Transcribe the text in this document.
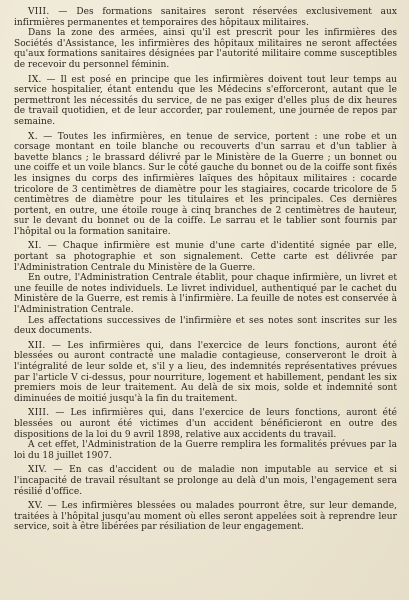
VIII. — Des formations sanitaires seront réservées exclusivement aux infirmières permanentes et temporaires des hôpitaux militaires.

Dans la zone des armées, ainsi qu'il est prescrit pour les infirmières des Sociétés d'Assistance, les infirmières des hôpitaux militaires ne seront affectées qu'aux formations sanitaires désignées par l'autorité militaire comme susceptibles de recevoir du personnel féminin.

IX. — Il est posé en principe que les infirmières doivent tout leur temps au service hospitalier, étant entendu que les Médecins s'efforceront, autant que le permettront les nécessités du service, de ne pas exiger d'elles plus de dix heures de travail quotidien, et de leur accorder, par roulement, une journée de repos par semaine.

X. — Toutes les infirmières, en tenue de service, portent : une robe et un corsage montant en toile blanche ou recouverts d'un sarrau et d'un tablier à bavette blancs ; le brassard délivré par le Ministère de la Guerre ; un bonnet ou une coiffe et un voile blancs. Sur le côté gauche du bonnet ou de la coiffe sont fixés les insignes du corps des infirmières laïques des hôpitaux militaires : cocarde tricolore de 3 centimètres de diamètre pour les stagiaires, cocarde tricolore de 5 centimètres de diamètre pour les titulaires et les principales. Ces dernières portent, en outre, une étoile rouge à cinq branches de 2 centimètres de hauteur, sur le devant du bonnet ou de la coiffe. Le sarrau et le tablier sont fournis par l'hôpital ou la formation sanitaire.

XI. — Chaque infirmière est munie d'une carte d'identité signée par elle, portant sa photographie et son signalement. Cette carte est délivrée par l'Administration Centrale du Ministère de la Guerre.

En outre, l'Administration Centrale établit, pour chaque infirmière, un livret et une feuille de notes individuels. Le livret individuel, authentiqué par le cachet du Ministère de la Guerre, est remis à l'infirmière. La feuille de notes est conservée à l'Administration Centrale.

Les affectations successives de l'infirmière et ses notes sont inscrites sur les deux documents.

XII. — Les infirmières qui, dans l'exercice de leurs fonctions, auront été blessées ou auront contracté une maladie contagieuse, conserveront le droit à l'intégralité de leur solde et, s'il y a lieu, des indemnités représentatives prévues par l'article V ci-dessus, pour nourriture, logement et habillement, pendant les six premiers mois de leur traitement. Au delà de six mois, solde et indemnité sont diminuées de moitié jusqu'à la fin du traitement.

XIII. — Les infirmières qui, dans l'exercice de leurs fonctions, auront été blessées ou auront été victimes d'un accident bénéficieront en outre des dispositions de la loi du 9 avril 1898, relative aux accidents du travail.

A cet effet, l'Administration de la Guerre remplira les formalités prévues par la loi du 18 juillet 1907.

XIV. — En cas d'accident ou de maladie non imputable au service et si l'incapacité de travail résultant se prolonge au delà d'un mois, l'engagement sera résilié d'office.

XV. — Les infirmières blessées ou malades pourront être, sur leur demande, traitées à l'hôpital jusqu'au moment où elles seront appelées soit à reprendre leur service, soit à être libérées par résiliation de leur engagement.
